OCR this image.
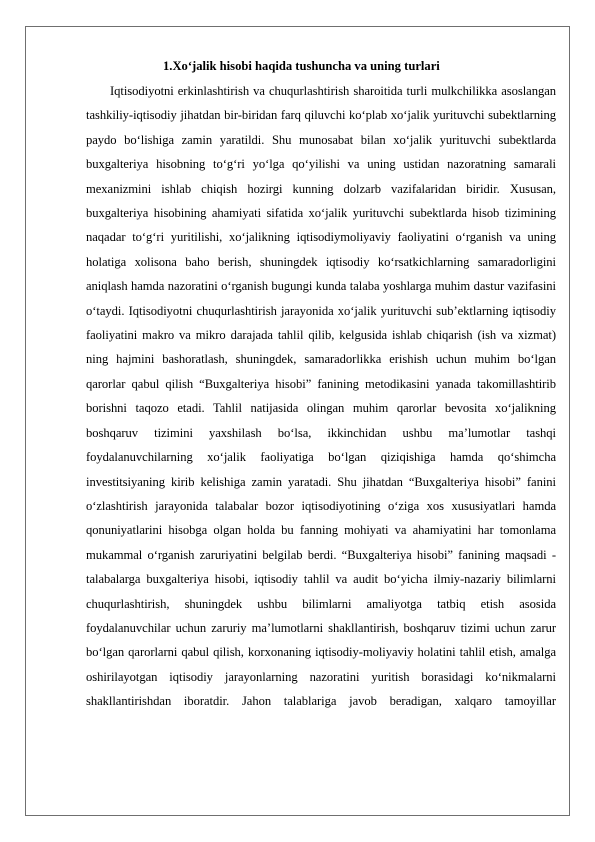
1.Xo‘jalik hisobi haqida tushuncha va uning turlari

Iqtisodiyotni erkinlashtirish va chuqurlashtirish sharoitida turli mulkchilikka asoslangan tashkiliy-iqtisodiy jihatdan bir-biridan farq qiluvchi ko‘plab xo‘jalik yurituvchi subektlarning paydo bo‘lishiga zamin yaratildi. Shu munosabat bilan xo‘jalik yurituvchi subektlarda buxgalteriya hisobning to‘g‘ri yo‘lga qo‘yilishi va uning ustidan nazoratning samarali mexanizmini ishlab chiqish hozirgi kunning dolzarb vazifalaridan biridir. Xususan, buxgalteriya hisobining ahamiyati sifatida xo‘jalik yurituvchi subektlarda hisob tizimining naqadar to‘g‘ri yuritilishi, xo‘jalikning iqtisodiymoliyaviy faoliyatini o‘rganish va uning holatiga xolisona baho berish, shuningdek iqtisodiy ko‘rsatkichlarning samaradorligini aniqlash hamda nazoratini o‘rganish bugungi kunda talaba yoshlarga muhim dastur vazifasini o‘taydi. Iqtisodiyotni chuqurlashtirish jarayonida xo‘jalik yurituvchi sub’ektlarning iqtisodiy faoliyatini makro va mikro darajada tahlil qilib, kelgusida ishlab chiqarish (ish va xizmat) ning hajmini bashoratlash, shuningdek, samaradorlikka erishish uchun muhim bo‘lgan qarorlar qabul qilish “Buxgalteriya hisobi” fanining metodikasini yanada takomillashtirib borishni taqozo etadi. Tahlil natijasida olingan muhim qarorlar bevosita xo‘jalikning boshqaruv tizimini yaxshilash bo‘lsa, ikkinchidan ushbu ma’lumotlar tashqi foydalanuvchilarning xo‘jalik faoliyatiga bo‘lgan qiziqishiga hamda qo‘shimcha investitsiyaning kirib kelishiga zamin yaratadi. Shu jihatdan “Buxgalteriya hisobi” fanini o‘zlashtirish jarayonida talabalar bozor iqtisodiyotining o‘ziga xos xususiyatlari hamda qonuniyatlarini hisobga olgan holda bu fanning mohiyati va ahamiyatini har tomonlama mukammal o‘rganish zaruriyatini belgilab berdi. “Buxgalteriya hisobi” fanining maqsadi - talabalarga buxgalteriya hisobi, iqtisodiy tahlil va audit bo‘yicha ilmiy-nazariy bilimlarni chuqurlashtirish, shuningdek ushbu bilimlarni amaliyotga tatbiq etish asosida foydalanuvchilar uchun zaruriy ma’lumotlarni shakllantirish, boshqaruv tizimi uchun zarur bo‘lgan qarorlarni qabul qilish, korxonaning iqtisodiy-moliyaviy holatini tahlil etish, amalga oshirilayotgan iqtisodiy jarayonlarning nazoratini yuritish borasidagi ko‘nikmalarni shakllantirishdan iboratdir. Jahon talablariga javob beradigan, xalqaro tamoyillar
